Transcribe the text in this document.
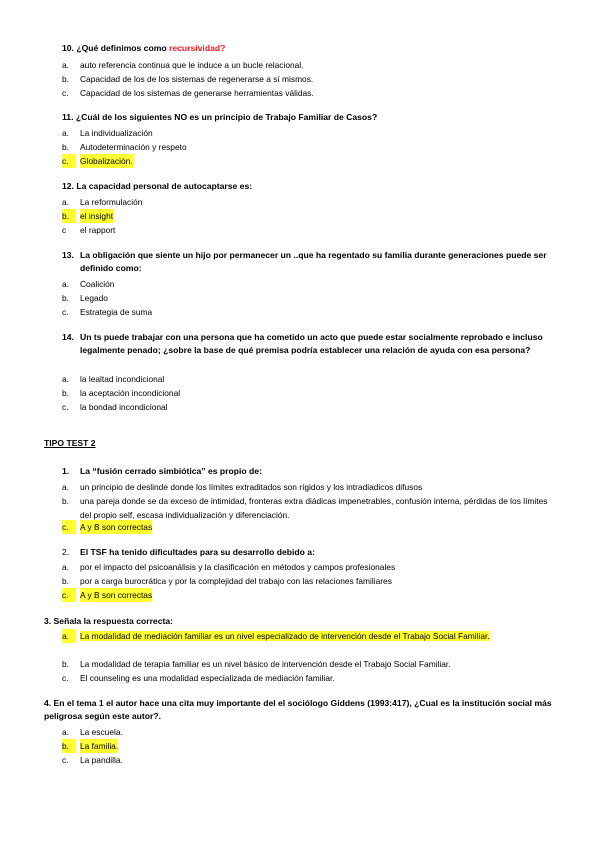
10. ¿Qué definimos como recursividad?
a.	auto referencia continua que le induce a un bucle relacional.
b.	Capacidad de los de los sistemas de regenerarse a sí mismos.
c.	Capacidad de los sistemas de generarse herramientas válidas.
11. ¿Cuál de los siguientes NO es un principio de Trabajo Familiar de Casos?
a.	La individualización
b.	Autodeterminación y respeto
c.	Globalización.
12. La capacidad personal de autocaptarse es:
a.	La reformulación
b.	el insight
c	el rapport
13. La obligación que siente un hijo por permanecer un ..que ha regentado su familia durante generaciones puede ser definido como:
a.	Coalición
b.	Legado
c.	Estrategia de suma
14. Un ts puede trabajar con una persona que ha cometido un acto que puede estar socialmente reprobado e incluso legalmente penado; ¿sobre la base de qué premisa podría establecer una relación de ayuda con esa persona?
a.	la lealtad incondicional
b.	la aceptación incondicional
c.	la bondad incondicional
TIPO TEST 2
1.	La “fusión cerrado simbiótica” es propio de:
a.	un principio de deslinde donde los límites extraditados son rígidos y los intradiadicos difusos
b.	una pareja donde se da exceso de intimidad, fronteras extra diádicas impenetrables, confusión interna, pérdidas de los límites del propio self, escasa individualización y diferenciación.
c.	A y B son correctas
2.	El TSF ha tenido dificultades para su desarrollo debido a:
a.	por el impacto del psicoanálisis y la clasificación en métodos y campos profesionales
b.	por a carga burocrática y por la complejidad del trabajo con las relaciones familiares
c.	A y B son correctas
3. Señala la respuesta correcta:
a.	La modalidad de mediación familiar es un nivel especializado de intervención desde el Trabajo Social Familiar.
b.	La modalidad de terapia familiar es un nivel básico de intervención desde el Trabajo Social Familiar.
c.	El counseling es una modalidad especializada de mediación familiar.
4. En el tema 1 el autor hace una cita muy importante del el sociólogo Giddens (1993:417), ¿Cual es la institución social más peligrosa según este autor?.
a.	La escuela.
b.	La familia.
c.	La pandilla.
